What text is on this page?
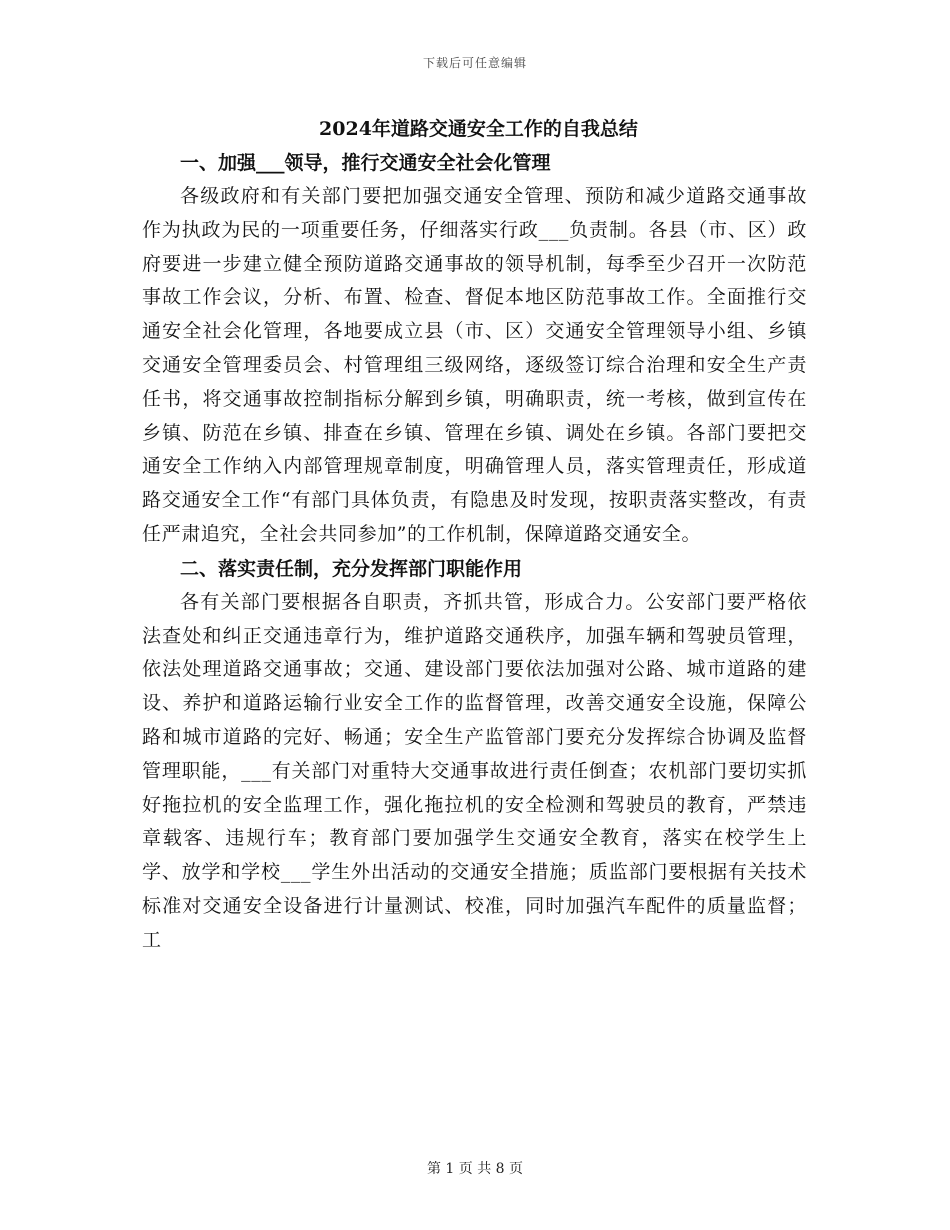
下载后可任意编辑
2024年道路交通安全工作的自我总结
一、加强___领导，推行交通安全社会化管理

各级政府和有关部门要把加强交通安全管理、预防和减少道路交通事故作为执政为民的一项重要任务，仔细落实行政___负责制。各县（市、区）政府要进一步建立健全预防道路交通事故的领导机制，每季至少召开一次防范事故工作会议，分析、布置、检查、督促本地区防范事故工作。全面推行交通安全社会化管理，各地要成立县（市、区）交通安全管理领导小组、乡镇交通安全管理委员会、村管理组三级网络，逐级签订综合治理和安全生产责任书，将交通事故控制指标分解到乡镇，明确职责，统一考核，做到宣传在乡镇、防范在乡镇、排查在乡镇、管理在乡镇、调处在乡镇。各部门要把交通安全工作纳入内部管理规章制度，明确管理人员，落实管理责任，形成道路交通安全工作“有部门具体负责，有隐患及时发现，按职责落实整改，有责任严肃追究，全社会共同参加”的工作机制，保障道路交通安全。

二、落实责任制，充分发挥部门职能作用

各有关部门要根据各自职责，齐抓共管，形成合力。公安部门要严格依法查处和纠正交通违章行为，维护道路交通秩序，加强车辆和驾驶员管理，依法处理道路交通事故；交通、建设部门要依法加强对公路、城市道路的建设、养护和道路运输行业安全工作的监督管理，改善交通安全设施，保障公路和城市道路的完好、畅通；安全生产监管部门要充分发挥综合协调及监督管理职能，___有关部门对重特大交通事故进行责任倒查；农机部门要切实抓好拖拉机的安全监理工作，强化拖拉机的安全检测和驾驶员的教育，严禁违章载客、违规行车；教育部门要加强学生交通安全教育，落实在校学生上学、放学和学校___学生外出活动的交通安全措施；质监部门要根据有关技术标准对交通安全设备进行计量测试、校准，同时加强汽车配件的质量监督；工

第 1 页 共 8 页
